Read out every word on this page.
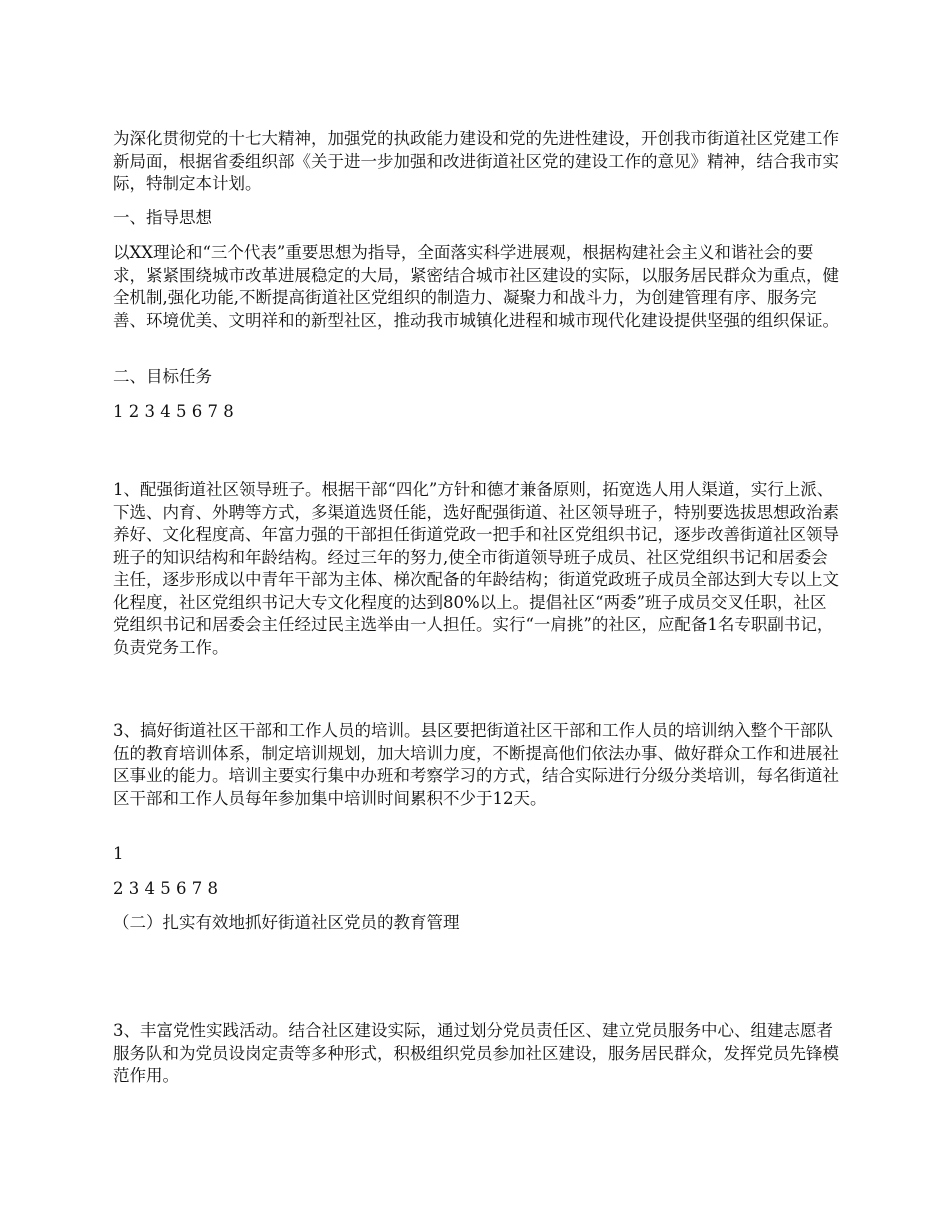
为深化贯彻党的十七大精神，加强党的执政能力建设和党的先进性建设，开创我市街道社区党建工作新局面，根据省委组织部《关于进一步加强和改进街道社区党的建设工作的意见》精神，结合我市实际，特制定本计划。

一、指导思想

以XX理论和“三个代表”重要思想为指导，全面落实科学进展观，根据构建社会主义和谐社会的要求，紧紧围绕城市改革进展稳定的大局，紧密结合城市社区建设的实际，以服务居民群众为重点，健全机制,强化功能,不断提高街道社区党组织的制造力、凝聚力和战斗力，为创建管理有序、服务完善、环境优美、文明祥和的新型社区，推动我市城镇化进程和城市现代化建设提供坚强的组织保证。

二、目标任务

1 2 3 4 5 6 7 8

1、配强街道社区领导班子。根据干部“四化”方针和德才兼备原则，拓宽选人用人渠道，实行上派、下选、内育、外聘等方式，多渠道选贤任能，选好配强街道、社区领导班子，特别要选拔思想政治素养好、文化程度高、年富力强的干部担任街道党政一把手和社区党组织书记，逐步改善街道社区领导班子的知识结构和年龄结构。经过三年的努力,使全市街道领导班子成员、社区党组织书记和居委会主任，逐步形成以中青年干部为主体、梯次配备的年龄结构；街道党政班子成员全部达到大专以上文化程度，社区党组织书记大专文化程度的达到80%以上。提倡社区“两委”班子成员交叉任职，社区党组织书记和居委会主任经过民主选举由一人担任。实行“一肩挑”的社区，应配备1名专职副书记，负责党务工作。

3、搞好街道社区干部和工作人员的培训。县区要把街道社区干部和工作人员的培训纳入整个干部队伍的教育培训体系，制定培训规划，加大培训力度，不断提高他们依法办事、做好群众工作和进展社区事业的能力。培训主要实行集中办班和考察学习的方式，结合实际进行分级分类培训，每名街道社区干部和工作人员每年参加集中培训时间累积不少于12天。

1

2 3 4 5 6 7 8

（二）扎实有效地抓好街道社区党员的教育管理

3、丰富党性实践活动。结合社区建设实际，通过划分党员责任区、建立党员服务中心、组建志愿者服务队和为党员设岗定责等多种形式，积极组织党员参加社区建设，服务居民群众，发挥党员先锋模范作用。
